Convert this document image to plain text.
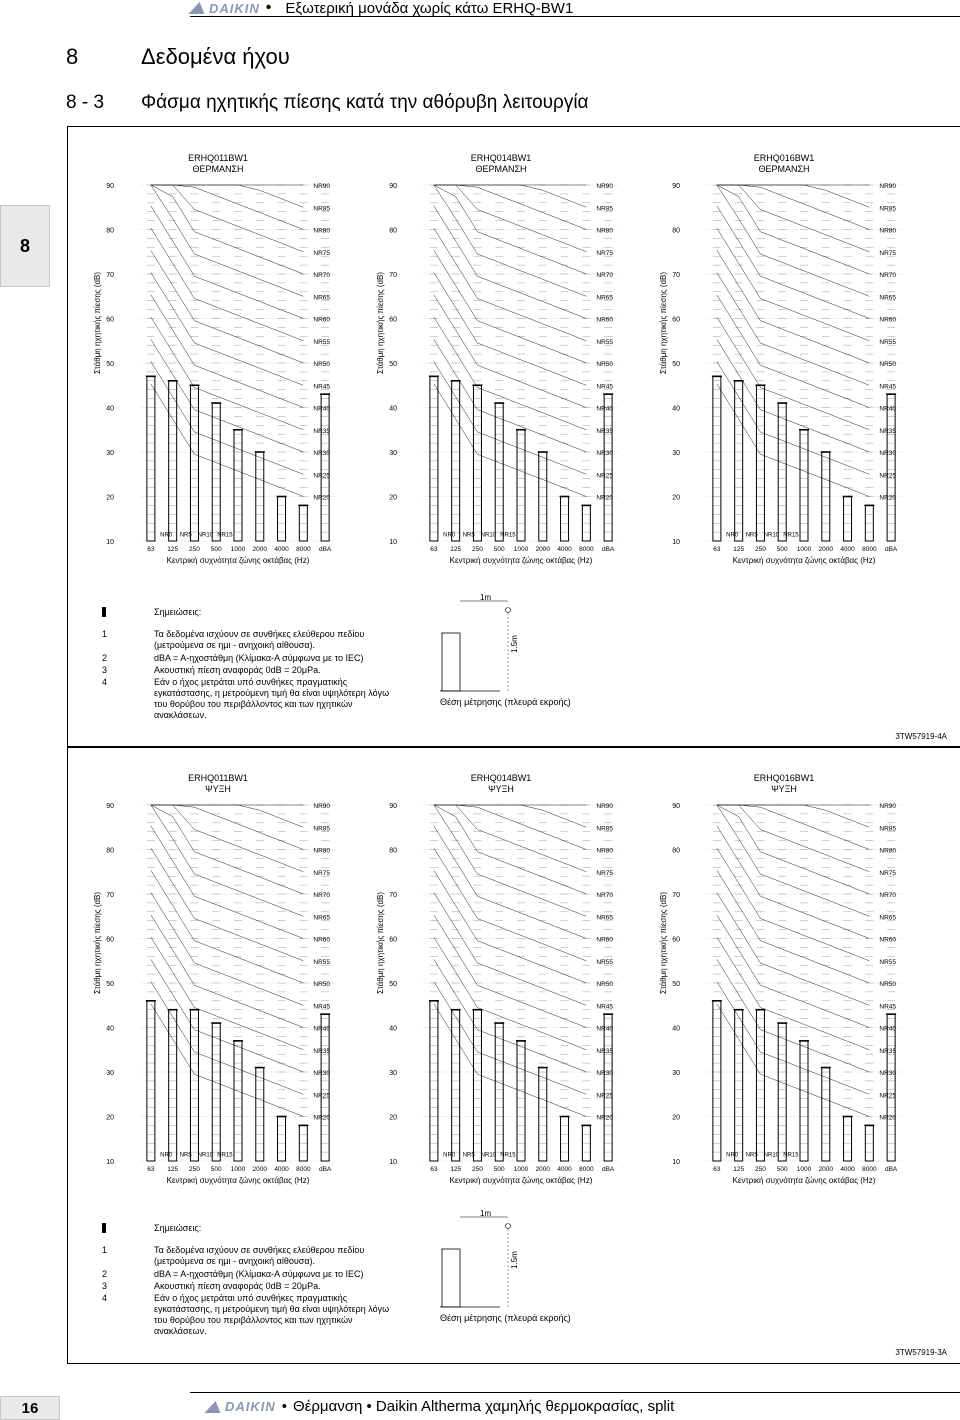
DAIKIN • Εξωτερική μονάδα χωρίς κάτω ERHQ-BW1
8	Δεδομένα ήχου
8 - 3 Φάσμα ηχητικής πίεσης κατά την αθόρυβη λειτουργία
8
ERHQ011BW1
ΘΕΡΜΑΝΣΗ
Στάθμη ηχητικής πίεσης (dB)
90
80
70
60
50
40
30
20
10
NR90
NR85
NR80
NR75
NR70
NR65
NR60
NR55
NR50
NR45
NR40
NR35
NR30
NR25
NR20
NR0 NR5 NR10 NR15
63 125 250 500 1000 2000 4000 8000 dBA
Κεντρική συχνότητα ζώνης οκτάβας (Hz)
ERHQ014BW1
ΘΕΡΜΑΝΣΗ
Στάθμη ηχητικής πίεσης (dB)
90
80
70
60
50
40
30
20
10
NR90
NR85
NR80
NR75
NR70
NR65
NR60
NR55
NR50
NR45
NR40
NR35
NR30
NR25
NR20
NR0 NR5 NR10 NR15
63 125 250 500 1000 2000 4000 8000 dBA
Κεντρική συχνότητα ζώνης οκτάβας (Hz)
ERHQ016BW1
ΘΕΡΜΑΝΣΗ
Στάθμη ηχητικής πίεσης (dB)
90
80
70
60
50
40
30
20
10
NR90
NR85
NR80
NR75
NR70
NR65
NR60
NR55
NR50
NR45
NR40
NR35
NR30
NR25
NR20
NR0 NR5 NR10 NR15
63 125 250 500 1000 2000 4000 8000 dBA
Κεντρική συχνότητα ζώνης οκτάβας (Hz)
Σημειώσεις:
1	Τα δεδομένα ισχύουν σε συνθήκες ελεύθερου πεδίου (μετρούμενα σε ημι - ανηχοική αίθουσα).
2	dBA = A-ηχοστάθμη (Κλίμακα-A σύμφωνα με το IEC)
3	Ακουστική πίεση αναφοράς 0dB = 20μPa.
4	Εάν ο ήχος μετράται υπό συνθήκες πραγματικής εγκατάστασης, η μετρούμενη τιμή θα είναι υψηλότερη λόγω του θορύβου του περιβάλλοντος και των ηχητικών ανακλάσεων.
1m
1.5m
Θέση μέτρησης (πλευρά εκροής)
3TW57919-4A
ERHQ011BW1
ΨΥΞΗ
Στάθμη ηχητικής πίεσης (dB)
90
80
70
60
50
40
30
20
10
NR90
NR85
NR80
NR75
NR70
NR65
NR60
NR55
NR50
NR45
NR40
NR35
NR30
NR25
NR20
NR0 NR5 NR10 NR15
63 125 250 500 1000 2000 4000 8000 dBA
Κεντρική συχνότητα ζώνης οκτάβας (Hz)
ERHQ014BW1
ΨΥΞΗ
Στάθμη ηχητικής πίεσης (dB)
90
80
70
60
50
40
30
20
10
NR90
NR85
NR80
NR75
NR70
NR65
NR60
NR55
NR50
NR45
NR40
NR35
NR30
NR25
NR20
NR0 NR5 NR10 NR15
63 125 250 500 1000 2000 4000 8000 dBA
Κεντρική συχνότητα ζώνης οκτάβας (Hz)
ERHQ016BW1
ΨΥΞΗ
Στάθμη ηχητικής πίεσης (dB)
90
80
70
60
50
40
30
20
10
NR90
NR85
NR80
NR75
NR70
NR65
NR60
NR55
NR50
NR45
NR40
NR35
NR30
NR25
NR20
NR0 NR5 NR10 NR15
63 125 250 500 1000 2000 4000 8000 dBA
Κεντρική συχνότητα ζώνης οκτάβας (Hz)
Σημειώσεις:
1	Τα δεδομένα ισχύουν σε συνθήκες ελεύθερου πεδίου (μετρούμενα σε ημι - ανηχοική αίθουσα).
2	dBA = A-ηχοστάθμη (Κλίμακα-A σύμφωνα με το IEC)
3	Ακουστική πίεση αναφοράς 0dB = 20μPa.
4	Εάν ο ήχος μετράται υπό συνθήκες πραγματικής εγκατάστασης, η μετρούμενη τιμή θα είναι υψηλότερη λόγω του θορύβου του περιβάλλοντος και των ηχητικών ανακλάσεων.
1m
1.5m
Θέση μέτρησης (πλευρά εκροής)
3TW57919-3A
16	DAIKIN • Θέρμανση • Daikin Altherma χαμηλής θερμοκρασίας, split
